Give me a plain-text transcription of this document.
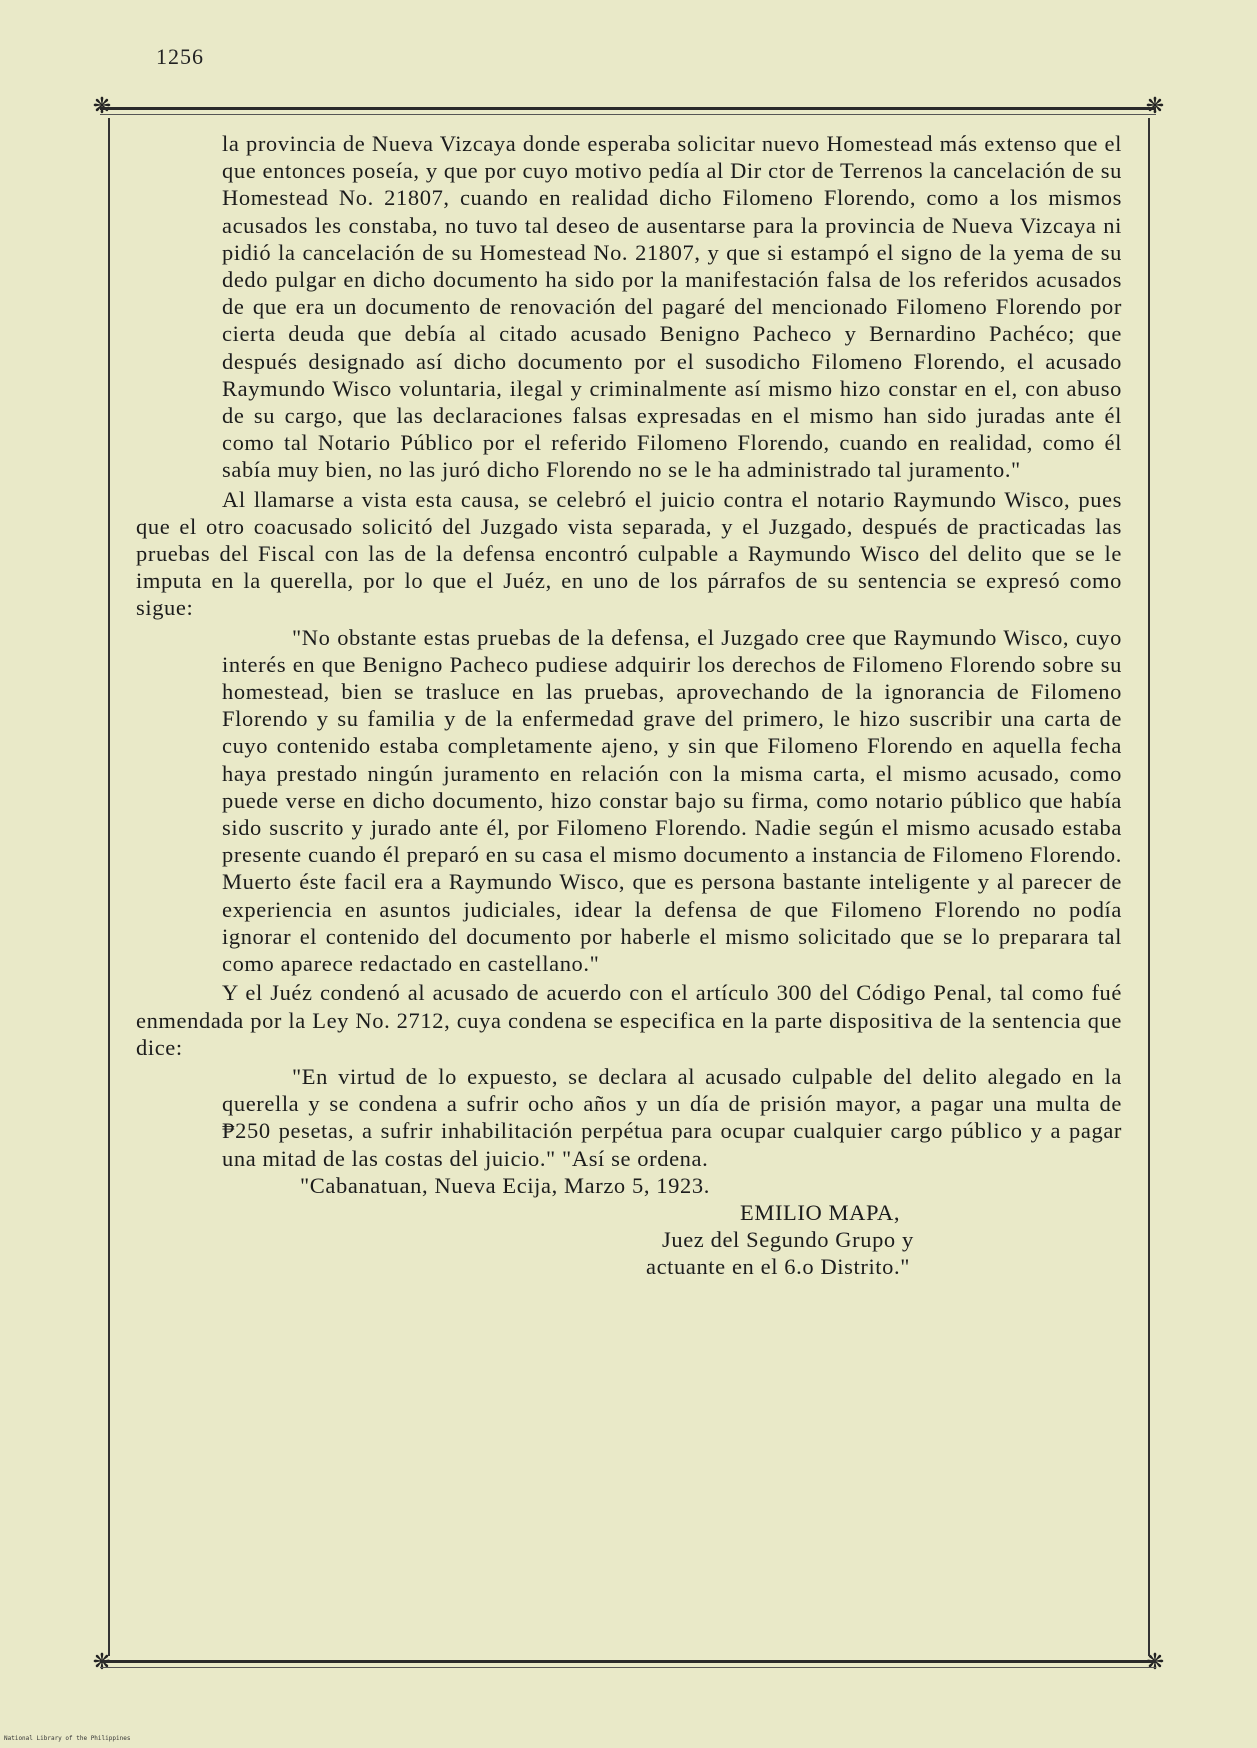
1256
❋	❋
❋	❋

la provincia de Nueva Vizcaya donde esperaba solicitar nuevo Homestead más extenso que el que entonces poseía, y que por cuyo motivo pedía al Dir ctor de Terrenos la cancelación de su Homestead No. 21807, cuando en realidad dicho Filomeno Florendo, como a los mismos acusados les constaba, no tuvo tal deseo de ausentarse para la provincia de Nueva Vizcaya ni pidió la cancelación de su Homestead No. 21807, y que si estampó el signo de la yema de su dedo pulgar en dicho documento ha sido por la manifestación falsa de los referidos acusados de que era un documento de renovación del pagaré del mencionado Filomeno Florendo por cierta deuda que debía al citado acusado Benigno Pacheco y Bernardino Pachéco; que después designado así dicho documento por el susodicho Filomeno Florendo, el acusado Raymundo Wisco voluntaria, ilegal y criminalmente así mismo hizo constar en el, con abuso de su cargo, que las declaraciones falsas expresadas en el mismo han sido juradas ante él como tal Notario Público por el referido Filomeno Florendo, cuando en realidad, como él sabía muy bien, no las juró dicho Florendo no se le ha administrado tal juramento."

Al llamarse a vista esta causa, se celebró el juicio contra el notario Raymundo Wisco, pues que el otro coacusado solicitó del Juzgado vista separada, y el Juzgado, después de practicadas las pruebas del Fiscal con las de la defensa encontró culpable a Raymundo Wisco del delito que se le imputa en la querella, por lo que el Juéz, en uno de los párrafos de su sentencia se expresó como sigue:

"No obstante estas pruebas de la defensa, el Juzgado cree que Raymundo Wisco, cuyo interés en que Benigno Pacheco pudiese adquirir los derechos de Filomeno Florendo sobre su homestead, bien se trasluce en las pruebas, aprovechando de la ignorancia de Filomeno Florendo y su familia y de la enfermedad grave del primero, le hizo suscribir una carta de cuyo contenido estaba completamente ajeno, y sin que Filomeno Florendo en aquella fecha haya prestado ningún juramento en relación con la misma carta, el mismo acusado, como puede verse en dicho documento, hizo constar bajo su firma, como notario público que había sido suscrito y jurado ante él, por Filomeno Florendo. Nadie según el mismo acusado estaba presente cuando él preparó en su casa el mismo documento a instancia de Filomeno Florendo. Muerto éste facil era a Raymundo Wisco, que es persona bastante inteligente y al parecer de experiencia en asuntos judiciales, idear la defensa de que Filomeno Florendo no podía ignorar el contenido del documento por haberle el mismo solicitado que se lo preparara tal como aparece redactado en castellano."

Y el Juéz condenó al acusado de acuerdo con el artículo 300 del Código Penal, tal como fué enmendada por la Ley No. 2712, cuya condena se especifica en la parte dispositiva de la sentencia que dice:

"En virtud de lo expuesto, se declara al acusado culpable del delito alegado en la querella y se condena a sufrir ocho años y un día de prisión mayor, a pagar una multa de ₱250 pesetas, a sufrir inhabilitación perpétua para ocupar cualquier cargo público y a pagar una mitad de las costas del juicio." "Así se ordena.

"Cabanatuan, Nueva Ecija, Marzo 5, 1923.

EMILIO MAPA,

Juez del Segundo Grupo y

actuante en el 6.o Distrito."

National Library of the Philippines
